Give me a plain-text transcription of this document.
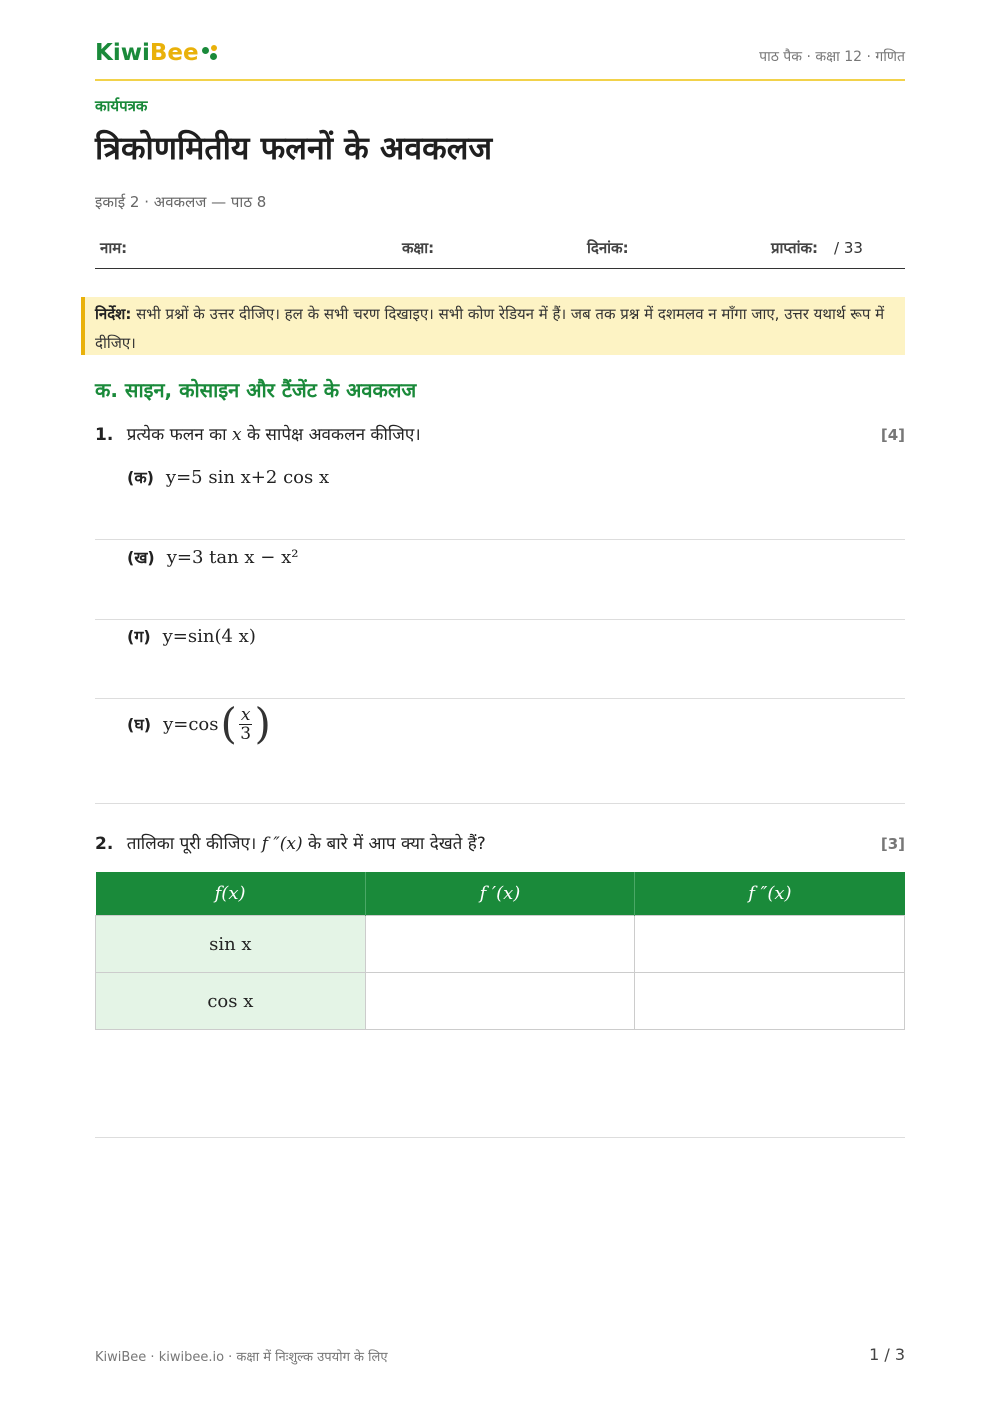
Kiwi Bee	पाठ पैक · कक्षा 12 · गणित
कार्यपत्रक
त्रिकोणमितीय फलनों के अवकलज
इकाई 2 · अवकलज — पाठ 8
नाम:	कक्षा:	दिनांक:	प्राप्तांक: / 33
निर्देश: सभी प्रश्नों के उत्तर दीजिए। हल के सभी चरण दिखाइए। सभी कोण रेडियन में हैं। जब तक प्रश्न में दशमलव न माँगा जाए, उत्तर यथार्थ रूप में दीजिए।
क. साइन, कोसाइन और टैंजेंट के अवकलज
1. प्रत्येक फलन का x के सापेक्ष अवकलन कीजिए।	[4]
(क) y=5 sin x+2 cos x
(ख) y=3 tan x − x²
(ग) y=sin(4 x)
(घ) y=cos ( $\frac{x}{3}$ )
2. तालिका पूरी कीजिए। f ″(x) के बारे में आप क्या देखते हैं?	[3]
f(x)	f ′(x)	f ″(x)
sin x		
cos x		
KiwiBee · kiwibee.io · कक्षा में निःशुल्क उपयोग के लिए	1 / 3
